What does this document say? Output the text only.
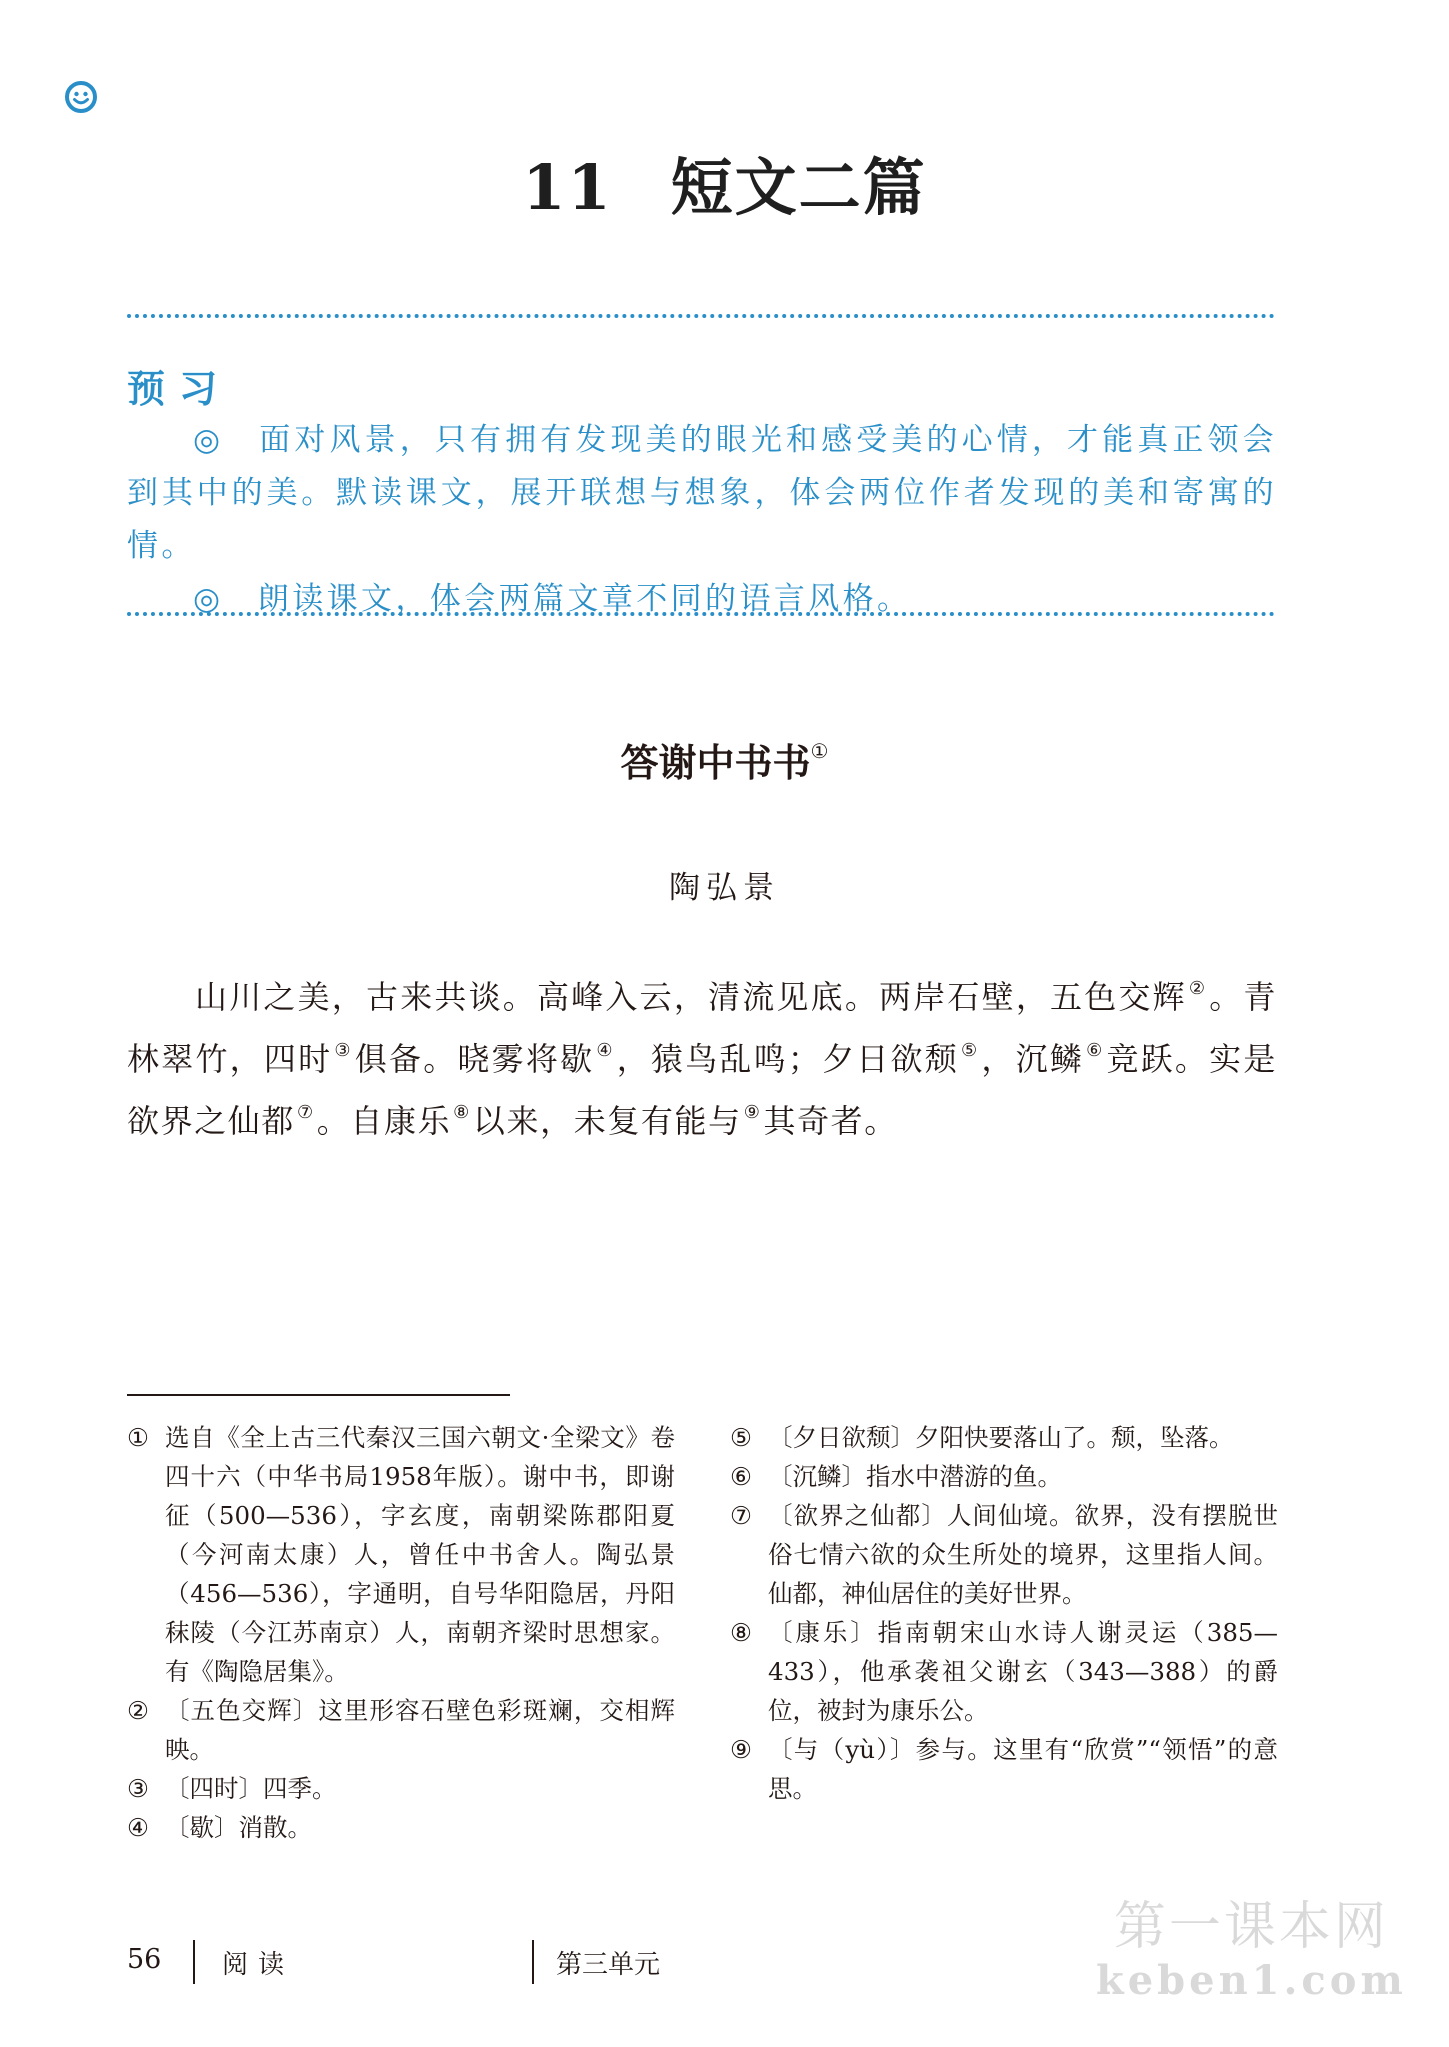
11 短文二篇
预习

◎　面对风景，只有拥有发现美的眼光和感受美的心情，才能真正领会到其中的美。默读课文，展开联想与想象，体会两位作者发现的美和寄寓的情。

◎　朗读课文，体会两篇文章不同的语言风格。

答谢中书书①
陶弘景
山川之美，古来共谈。高峰入云，清流见底。两岸石壁，五色交辉 ②。青林翠竹，四时 ③俱备。晓雾将歇 ④，猿鸟乱鸣；夕日欲颓 ⑤，沉鳞 ⑥竞跃。实是欲界之仙都 ⑦。自康乐 ⑧以来，未复有能与 ⑨其奇者。
① 选自《全上古三代秦汉三国六朝文·全梁文》卷四十六（中华书局1958年版）。谢中书，即谢征（500—536），字玄度，南朝梁陈郡阳夏（今河南太康）人，曾任中书舍人。陶弘景（456—536），字通明，自号华阳隐居，丹阳秣陵（今江苏南京）人，南朝齐梁时思想家。有《陶隐居集》。
② 〔五色交辉〕这里形容石壁色彩斑斓，交相辉映。
③ 〔四时〕四季。
④ 〔歇〕消散。
⑤ 〔夕日欲颓〕夕阳快要落山了。颓，坠落。
⑥ 〔沉鳞〕指水中潜游的鱼。
⑦ 〔欲界之仙都〕人间仙境。欲界，没有摆脱世俗七情六欲的众生所处的境界，这里指人间。仙都，神仙居住的美好世界。
⑧ 〔康乐〕指南朝宋山水诗人谢灵运（385—433），他承袭祖父谢玄（343—388）的爵位，被封为康乐公。
⑨ 〔与（yù）〕参与。这里有“欣赏”“领悟”的意思。
56 阅读	第三单元
第一课本网
keben1.com
